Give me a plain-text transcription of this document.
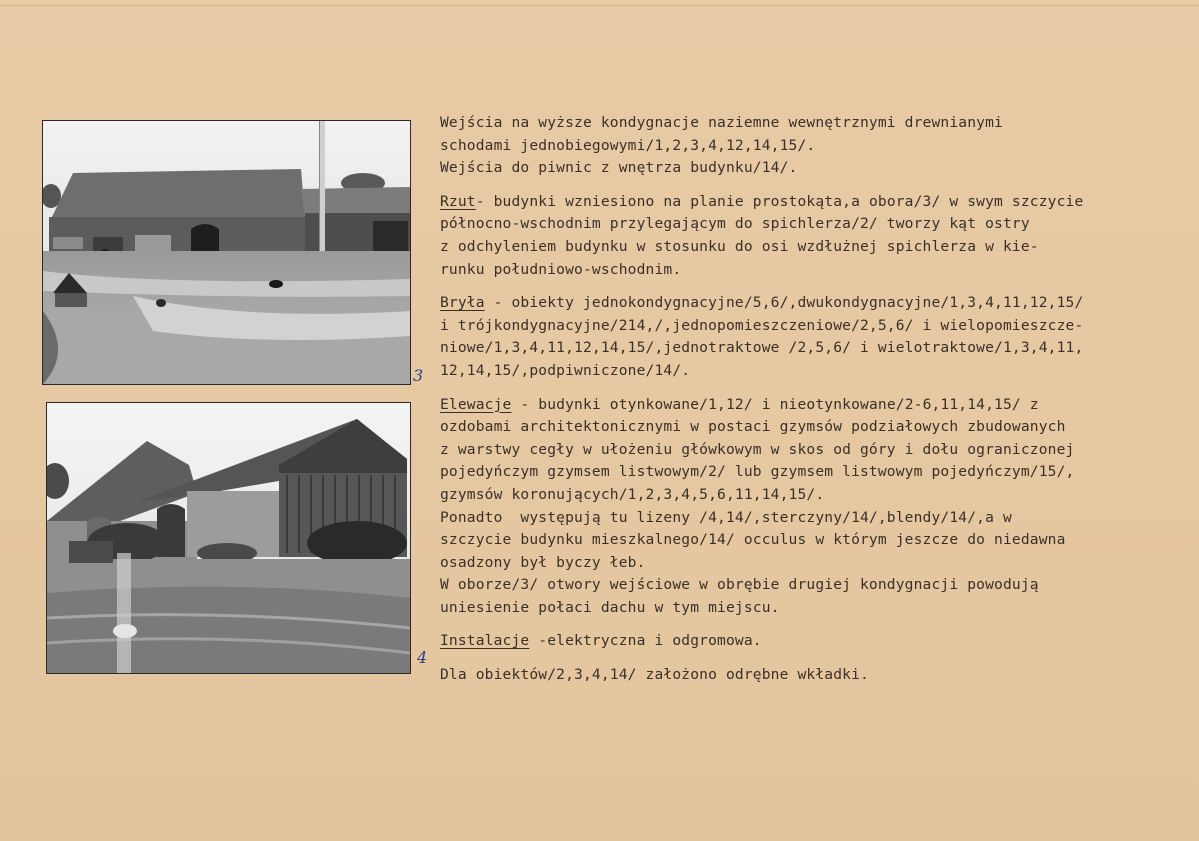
3
4
Wejścia na wyższe kondygnacje naziemne wewnętrznymi drewnianymi
schodami jednobiegowymi/1,2,3,4,12,14,15/.
Wejścia do piwnic z wnętrza budynku/14/.
Rzut- budynki wzniesiono na planie prostokąta,a obora/3/ w swym szczycie
północno-wschodnim przylegającym do spichlerza/2/ tworzy kąt ostry
z odchyleniem budynku w stosunku do osi wzdłużnej spichlerza w kie-
runku południowo-wschodnim.
Bryła - obiekty jednokondygnacyjne/5,6/,dwukondygnacyjne/1,3,4,11,12,15/
i trójkondygnacyjne/214,/,jednopomieszczeniowe/2,5,6/ i wielopomieszcze-
niowe/1,3,4,11,12,14,15/,jednotraktowe /2,5,6/ i wielotraktowe/1,3,4,11,
12,14,15/,podpiwniczone/14/.
Elewacje - budynki otynkowane/1,12/ i nieotynkowane/2-6,11,14,15/ z
ozdobami architektonicznymi w postaci gzymsów podziałowych zbudowanych
z warstwy cegły w ułożeniu główkowym w skos od góry i dołu ograniczonej
pojedyńczym gzymsem listwowym/2/ lub gzymsem listwowym pojedyńczym/15/,
gzymsów koronujących/1,2,3,4,5,6,11,14,15/.
Ponadto  występują tu lizeny /4,14/,sterczyny/14/,blendy/14/,a w
szczycie budynku mieszkalnego/14/ occulus w którym jeszcze do niedawna
osadzony był byczy łeb.
W oborze/3/ otwory wejściowe w obrębie drugiej kondygnacji powodują
uniesienie połaci dachu w tym miejscu.
Instalacje -elektryczna i odgromowa.
Dla obiektów/2,3,4,14/ założono odrębne wkładki.
